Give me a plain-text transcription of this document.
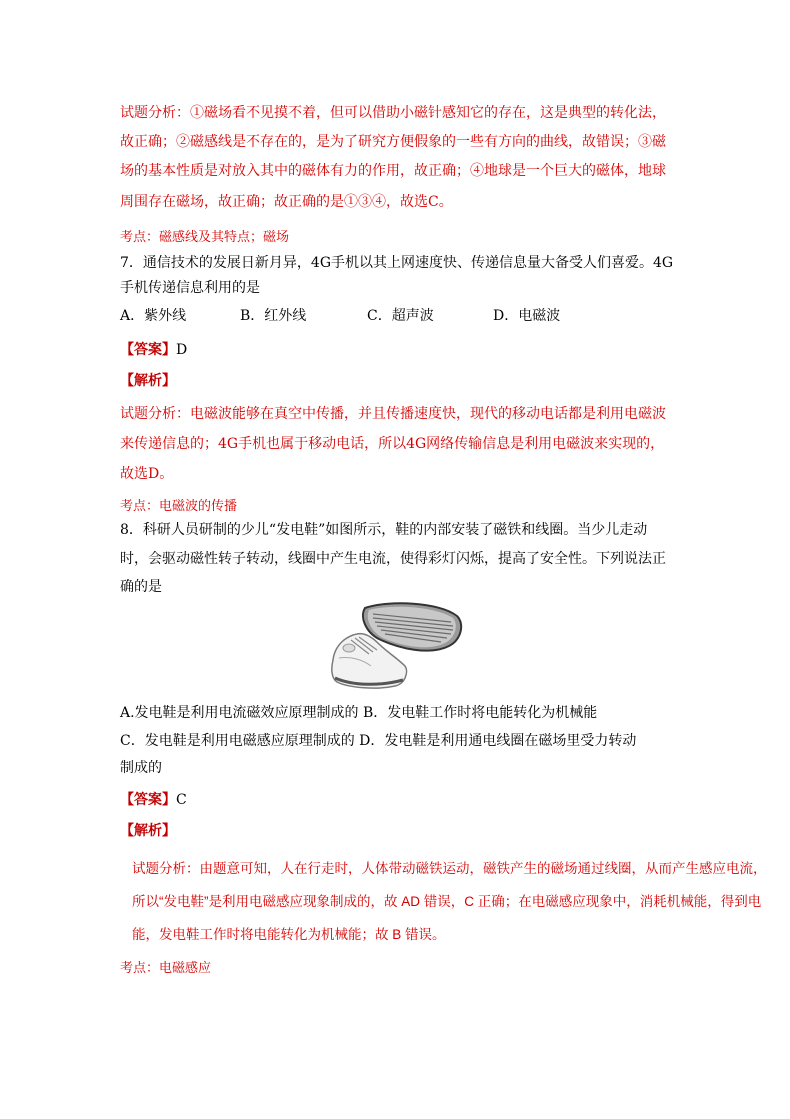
试题分析：①磁场看不见摸不着，但可以借助小磁针感知它的存在，这是典型的转化法，
故正确；②磁感线是不存在的，是为了研究方便假象的一些有方向的曲线，故错误；③磁
场的基本性质是对放入其中的磁体有力的作用，故正确；④地球是一个巨大的磁体，地球
周围存在磁场，故正确；故正确的是①③④，故选C。
考点：磁感线及其特点；磁场
7．通信技术的发展日新月异，4G手机以其上网速度快、传递信息量大备受人们喜爱。4G
手机传递信息利用的是
A．紫外线	B．红外线	C．超声波	D．电磁波
【答案】D
【解析】
试题分析：电磁波能够在真空中传播，并且传播速度快，现代的移动电话都是利用电磁波
来传递信息的；4G手机也属于移动电话，所以4G网络传输信息是利用电磁波来实现的，
故选D。
考点：电磁波的传播
8．科研人员研制的少儿“发电鞋”如图所示，鞋的内部安装了磁铁和线圈。当少儿走动
时，会驱动磁性转子转动，线圈中产生电流，使得彩灯闪烁，提高了安全性。下列说法正
确的是
A.发电鞋是利用电流磁效应原理制成的 B．发电鞋工作时将电能转化为机械能
C．发电鞋是利用电磁感应原理制成的 D．发电鞋是利用通电线圈在磁场里受力转动
制成的
【答案】C
【解析】
试题分析：由题意可知，人在行走时，人体带动磁铁运动，磁铁产生的磁场通过线圈，从而产生感应电流，
所以“发电鞋”是利用电磁感应现象制成的，故 AD 错误，C 正确；在电磁感应现象中，消耗机械能，得到电
能，发电鞋工作时将电能转化为机械能；故 B 错误。
考点：电磁感应
